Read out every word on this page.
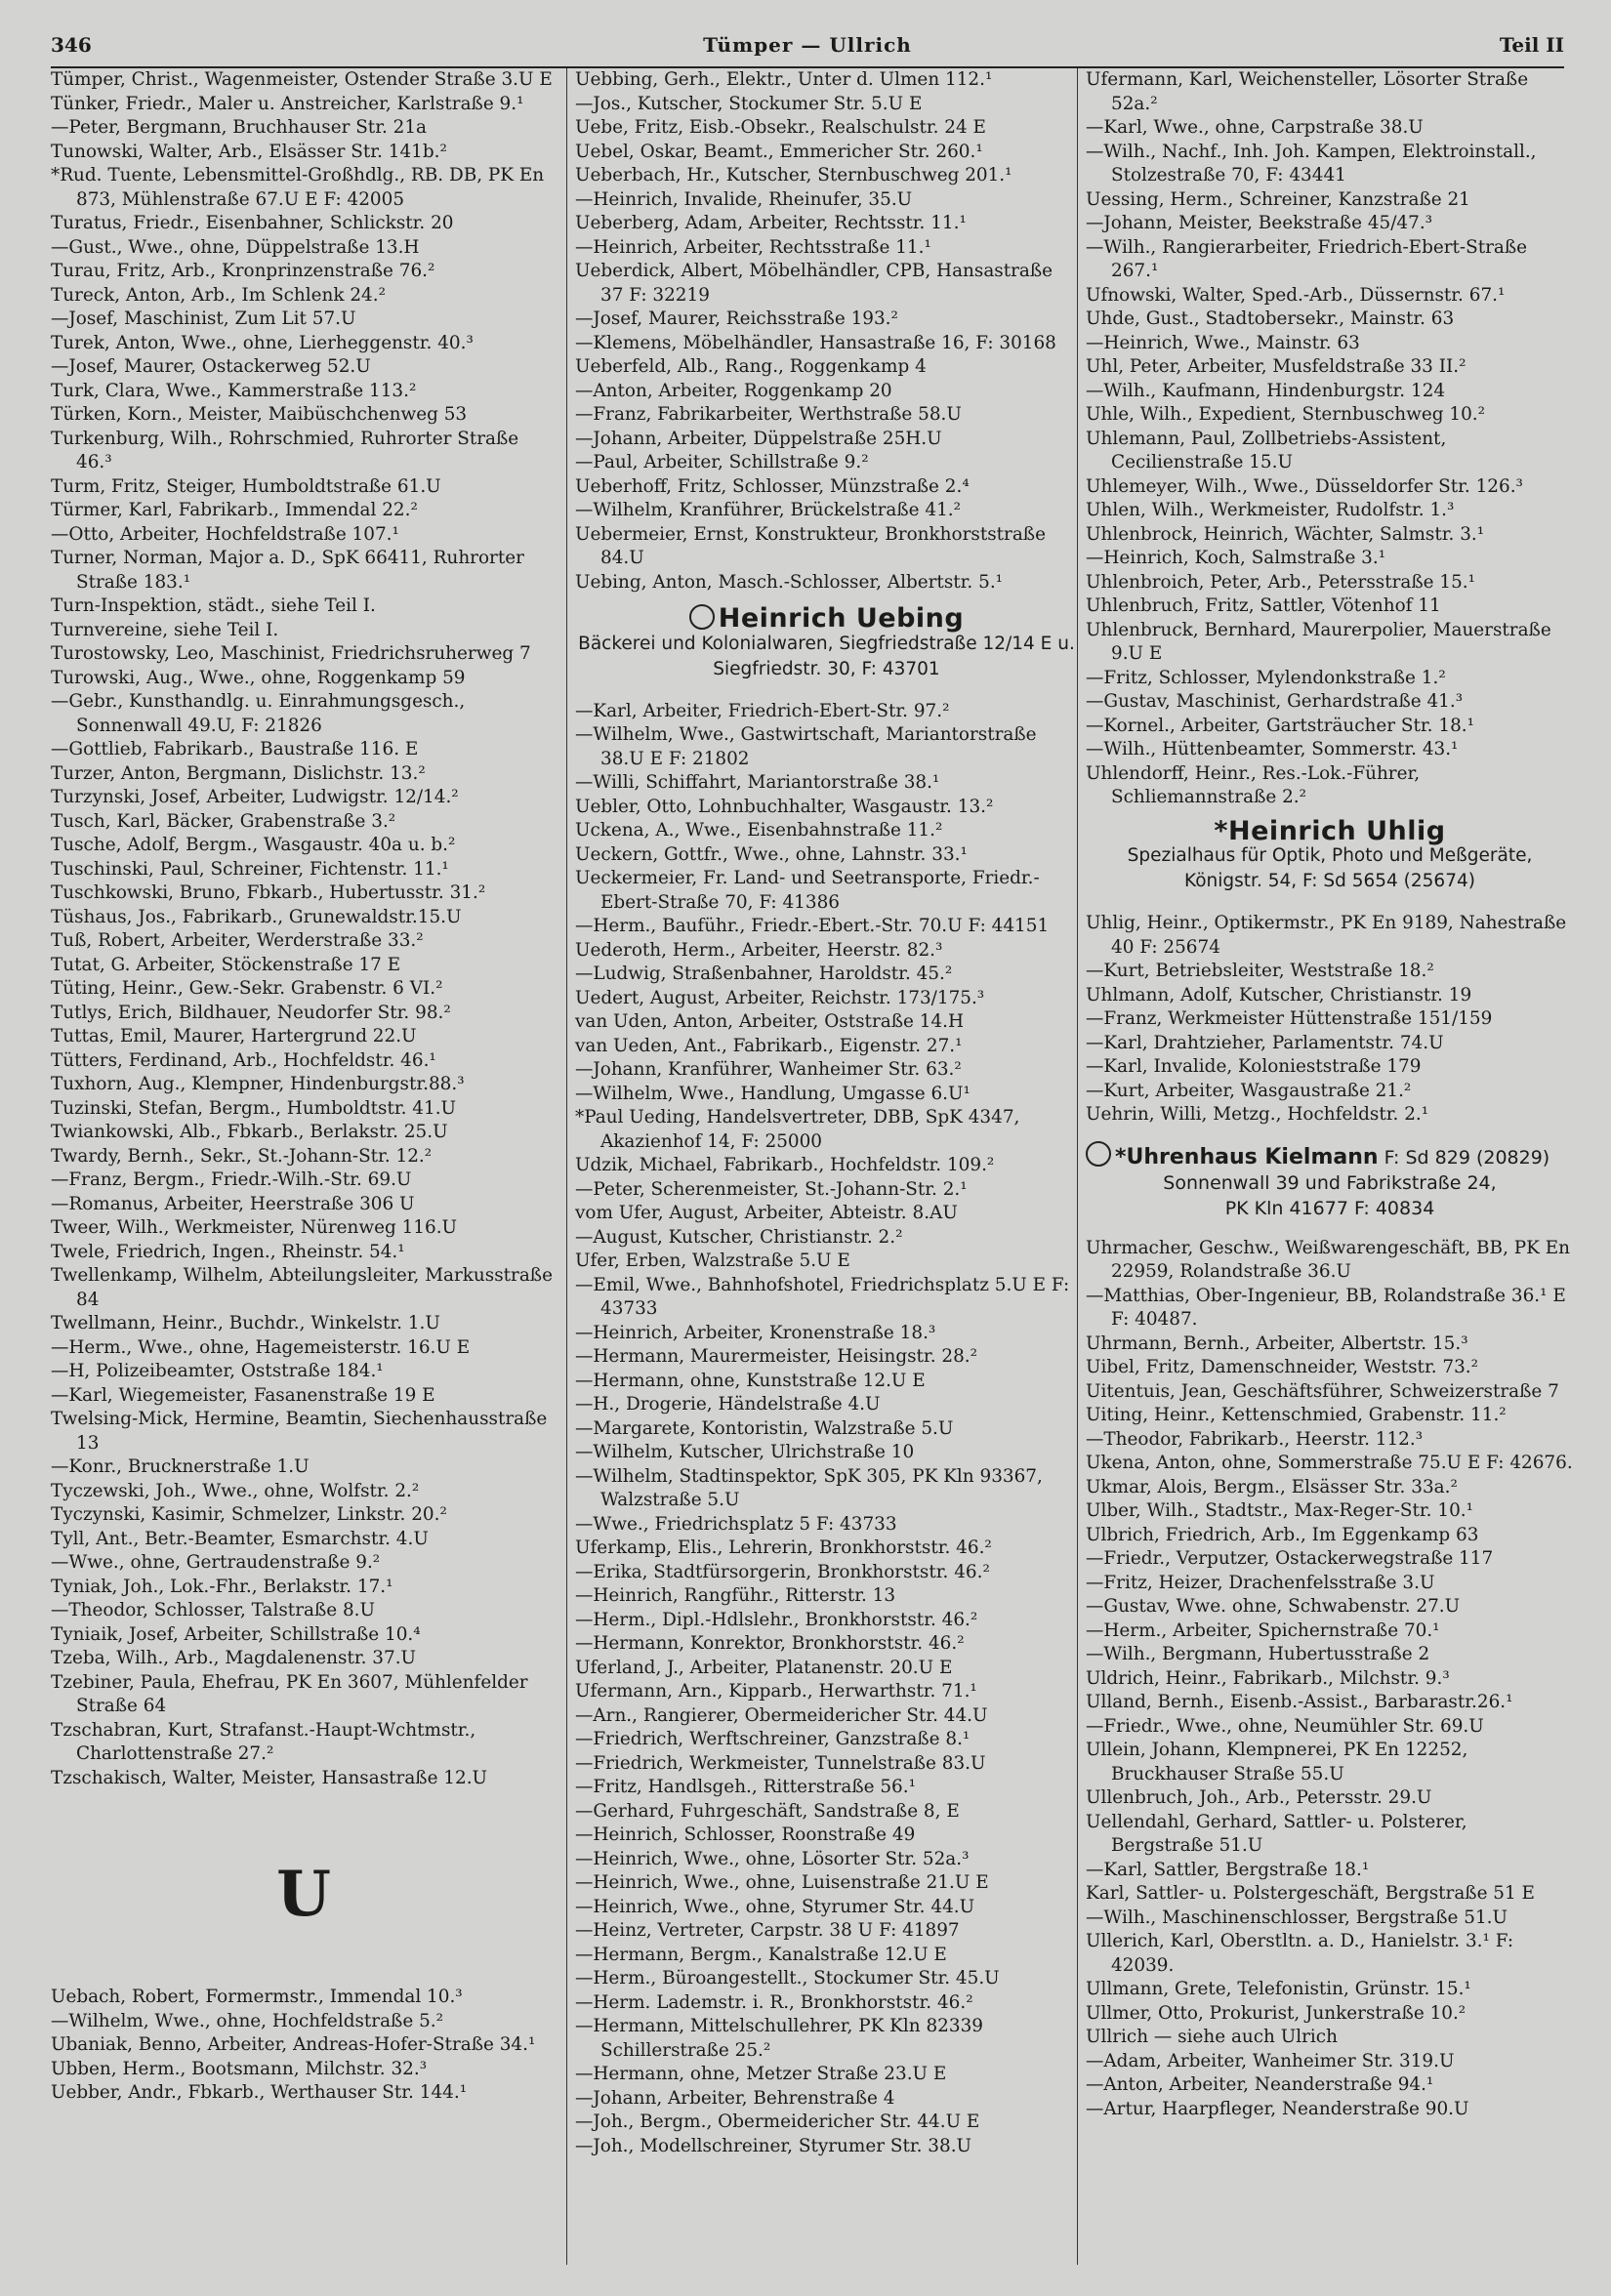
346	Tümper — Ullrich	Teil II
Tümper, Christ., Wagenmeister, Ostender Straße 3.U E
Tünker, Friedr., Maler u. Anstreicher, Karlstraße 9.¹
—Peter, Bergmann, Bruchhauser Str. 21a
Tunowski, Walter, Arb., Elsässer Str. 141b.²
*Rud. Tuente, Lebensmittel-Großhdlg., RB. DB, PK En 873, Mühlenstraße 67.U E F: 42005
Turatus, Friedr., Eisenbahner, Schlickstr. 20
—Gust., Wwe., ohne, Düppelstraße 13.H
Turau, Fritz, Arb., Kronprinzenstraße 76.²
Tureck, Anton, Arb., Im Schlenk 24.²
—Josef, Maschinist, Zum Lit 57.U
Turek, Anton, Wwe., ohne, Lierheggenstr. 40.³
—Josef, Maurer, Ostackerweg 52.U
Turk, Clara, Wwe., Kammerstraße 113.²
Türken, Korn., Meister, Maibüschchenweg 53
Turkenburg, Wilh., Rohrschmied, Ruhrorter Straße 46.³
Turm, Fritz, Steiger, Humboldtstraße 61.U
Türmer, Karl, Fabrikarb., Immendal 22.²
—Otto, Arbeiter, Hochfeldstraße 107.¹
Turner, Norman, Major a. D., SpK 66411, Ruhrorter Straße 183.¹
Turn-Inspektion, städt., siehe Teil I.
Turnvereine, siehe Teil I.
Turostowsky, Leo, Maschinist, Friedrichsruherweg 7
Turowski, Aug., Wwe., ohne, Roggenkamp 59
—Gebr., Kunsthandlg. u. Einrahmungsgesch., Sonnenwall 49.U, F: 21826
—Gottlieb, Fabrikarb., Baustraße 116. E
Turzer, Anton, Bergmann, Dislichstr. 13.²
Turzynski, Josef, Arbeiter, Ludwigstr. 12/14.²
Tusch, Karl, Bäcker, Grabenstraße 3.²
Tusche, Adolf, Bergm., Wasgaustr. 40a u. b.²
Tuschinski, Paul, Schreiner, Fichtenstr. 11.¹
Tuschkowski, Bruno, Fbkarb., Hubertusstr. 31.²
Tüshaus, Jos., Fabrikarb., Grunewaldstr.15.U
Tuß, Robert, Arbeiter, Werderstraße 33.²
Tutat, G. Arbeiter, Stöckenstraße 17 E
Tüting, Heinr., Gew.-Sekr. Grabenstr. 6 VI.²
Tutlys, Erich, Bildhauer, Neudorfer Str. 98.²
Tuttas, Emil, Maurer, Hartergrund 22.U
Tütters, Ferdinand, Arb., Hochfeldstr. 46.¹
Tuxhorn, Aug., Klempner, Hindenburgstr.88.³
Tuzinski, Stefan, Bergm., Humboldtstr. 41.U
Twiankowski, Alb., Fbkarb., Berlakstr. 25.U
Twardy, Bernh., Sekr., St.-Johann-Str. 12.²
—Franz, Bergm., Friedr.-Wilh.-Str. 69.U
—Romanus, Arbeiter, Heerstraße 306 U
Tweer, Wilh., Werkmeister, Nürenweg 116.U
Twele, Friedrich, Ingen., Rheinstr. 54.¹
Twellenkamp, Wilhelm, Abteilungsleiter, Markusstraße 84
Twellmann, Heinr., Buchdr., Winkelstr. 1.U
—Herm., Wwe., ohne, Hagemeisterstr. 16.U E
—H, Polizeibeamter, Oststraße 184.¹
—Karl, Wiegemeister, Fasanenstraße 19 E
Twelsing-Mick, Hermine, Beamtin, Siechenhausstraße 13
—Konr., Brucknerstraße 1.U
Tyczewski, Joh., Wwe., ohne, Wolfstr. 2.²
Tyczynski, Kasimir, Schmelzer, Linkstr. 20.²
Tyll, Ant., Betr.-Beamter, Esmarchstr. 4.U
—Wwe., ohne, Gertraudenstraße 9.²
Tyniak, Joh., Lok.-Fhr., Berlakstr. 17.¹
—Theodor, Schlosser, Talstraße 8.U
Tyniaik, Josef, Arbeiter, Schillstraße 10.⁴
Tzeba, Wilh., Arb., Magdalenenstr. 37.U
Tzebiner, Paula, Ehefrau, PK En 3607, Mühlenfelder Straße 64
Tzschabran, Kurt, Strafanst.-Haupt-Wchtmstr., Charlottenstraße 27.²
Tzschakisch, Walter, Meister, Hansastraße 12.U
U
Uebach, Robert, Formermstr., Immendal 10.³
—Wilhelm, Wwe., ohne, Hochfeldstraße 5.²
Ubaniak, Benno, Arbeiter, Andreas-Hofer-Straße 34.¹
Ubben, Herm., Bootsmann, Milchstr. 32.³
Uebber, Andr., Fbkarb., Werthauser Str. 144.¹
Uebbing, Gerh., Elektr., Unter d. Ulmen 112.¹
—Jos., Kutscher, Stockumer Str. 5.U E
Uebe, Fritz, Eisb.-Obsekr., Realschulstr. 24 E
Uebel, Oskar, Beamt., Emmericher Str. 260.¹
Ueberbach, Hr., Kutscher, Sternbuschweg 201.¹
—Heinrich, Invalide, Rheinufer, 35.U
Ueberberg, Adam, Arbeiter, Rechtsstr. 11.¹
—Heinrich, Arbeiter, Rechtsstraße 11.¹
Ueberdick, Albert, Möbelhändler, CPB, Hansastraße 37 F: 32219
—Josef, Maurer, Reichsstraße 193.²
—Klemens, Möbelhändler, Hansastraße 16, F: 30168
Ueberfeld, Alb., Rang., Roggenkamp 4
—Anton, Arbeiter, Roggenkamp 20
—Franz, Fabrikarbeiter, Werthstraße 58.U
—Johann, Arbeiter, Düppelstraße 25H.U
—Paul, Arbeiter, Schillstraße 9.²
Ueberhoff, Fritz, Schlosser, Münzstraße 2.⁴
—Wilhelm, Kranführer, Brückelstraße 41.²
Uebermeier, Ernst, Konstrukteur, Bronkhorststraße 84.U
Uebing, Anton, Masch.-Schlosser, Albertstr. 5.¹
Heinrich Uebing
Bäckerei und Kolonialwaren, Siegfriedstraße 12/14 E u. Siegfriedstr. 30, F: 43701
—Karl, Arbeiter, Friedrich-Ebert-Str. 97.²
—Wilhelm, Wwe., Gastwirtschaft, Mariantorstraße 38.U E F: 21802
—Willi, Schiffahrt, Mariantorstraße 38.¹
Uebler, Otto, Lohnbuchhalter, Wasgaustr. 13.²
Uckena, A., Wwe., Eisenbahnstraße 11.²
Ueckern, Gottfr., Wwe., ohne, Lahnstr. 33.¹
Ueckermeier, Fr. Land- und Seetransporte, Friedr.-Ebert-Straße 70, F: 41386
—Herm., Bauführ., Friedr.-Ebert.-Str. 70.U F: 44151
Uederoth, Herm., Arbeiter, Heerstr. 82.³
—Ludwig, Straßenbahner, Haroldstr. 45.²
Uedert, August, Arbeiter, Reichstr. 173/175.³
van Uden, Anton, Arbeiter, Oststraße 14.H
van Ueden, Ant., Fabrikarb., Eigenstr. 27.¹
—Johann, Kranführer, Wanheimer Str. 63.²
—Wilhelm, Wwe., Handlung, Umgasse 6.U¹
*Paul Ueding, Handelsvertreter, DBB, SpK 4347, Akazienhof 14, F: 25000
Udzik, Michael, Fabrikarb., Hochfeldstr. 109.²
—Peter, Scherenmeister, St.-Johann-Str. 2.¹
vom Ufer, August, Arbeiter, Abteistr. 8.AU
—August, Kutscher, Christianstr. 2.²
Ufer, Erben, Walzstraße 5.U E
—Emil, Wwe., Bahnhofshotel, Friedrichsplatz 5.U E F: 43733
—Heinrich, Arbeiter, Kronenstraße 18.³
—Hermann, Maurermeister, Heisingstr. 28.²
—Hermann, ohne, Kunststraße 12.U E
—H., Drogerie, Händelstraße 4.U
—Margarete, Kontoristin, Walzstraße 5.U
—Wilhelm, Kutscher, Ulrichstraße 10
—Wilhelm, Stadtinspektor, SpK 305, PK Kln 93367, Walzstraße 5.U
—Wwe., Friedrichsplatz 5 F: 43733
Uferkamp, Elis., Lehrerin, Bronkhorststr. 46.²
—Erika, Stadtfürsorgerin, Bronkhorststr. 46.²
—Heinrich, Rangführ., Ritterstr. 13
—Herm., Dipl.-Hdlslehr., Bronkhorststr. 46.²
—Hermann, Konrektor, Bronkhorststr. 46.²
Uferland, J., Arbeiter, Platanenstr. 20.U E
Ufermann, Arn., Kipparb., Herwarthstr. 71.¹
—Arn., Rangierer, Obermeidericher Str. 44.U
—Friedrich, Werftschreiner, Ganzstraße 8.¹
—Friedrich, Werkmeister, Tunnelstraße 83.U
—Fritz, Handlsgeh., Ritterstraße 56.¹
—Gerhard, Fuhrgeschäft, Sandstraße 8, E
—Heinrich, Schlosser, Roonstraße 49
—Heinrich, Wwe., ohne, Lösorter Str. 52a.³
—Heinrich, Wwe., ohne, Luisenstraße 21.U E
—Heinrich, Wwe., ohne, Styrumer Str. 44.U
—Heinz, Vertreter, Carpstr. 38 U F: 41897
—Hermann, Bergm., Kanalstraße 12.U E
—Herm., Büroangestellt., Stockumer Str. 45.U
—Herm. Lademstr. i. R., Bronkhorststr. 46.²
—Hermann, Mittelschullehrer, PK Kln 82339 Schillerstraße 25.²
—Hermann, ohne, Metzer Straße 23.U E
—Johann, Arbeiter, Behrenstraße 4
—Joh., Bergm., Obermeidericher Str. 44.U E
—Joh., Modellschreiner, Styrumer Str. 38.U
Ufermann, Karl, Weichensteller, Lösorter Straße 52a.²
—Karl, Wwe., ohne, Carpstraße 38.U
—Wilh., Nachf., Inh. Joh. Kampen, Elektroinstall., Stolzestraße 70, F: 43441
Uessing, Herm., Schreiner, Kanzstraße 21
—Johann, Meister, Beekstraße 45/47.³
—Wilh., Rangierarbeiter, Friedrich-Ebert-Straße 267.¹
Ufnowski, Walter, Sped.-Arb., Düssernstr. 67.¹
Uhde, Gust., Stadtobersekr., Mainstr. 63
—Heinrich, Wwe., Mainstr. 63
Uhl, Peter, Arbeiter, Musfeldstraße 33 II.²
—Wilh., Kaufmann, Hindenburgstr. 124
Uhle, Wilh., Expedient, Sternbuschweg 10.²
Uhlemann, Paul, Zollbetriebs-Assistent, Cecilienstraße 15.U
Uhlemeyer, Wilh., Wwe., Düsseldorfer Str. 126.³
Uhlen, Wilh., Werkmeister, Rudolfstr. 1.³
Uhlenbrock, Heinrich, Wächter, Salmstr. 3.¹
—Heinrich, Koch, Salmstraße 3.¹
Uhlenbroich, Peter, Arb., Petersstraße 15.¹
Uhlenbruch, Fritz, Sattler, Vötenhof 11
Uhlenbruck, Bernhard, Maurerpolier, Mauerstraße 9.U E
—Fritz, Schlosser, Mylendonkstraße 1.²
—Gustav, Maschinist, Gerhardstraße 41.³
—Kornel., Arbeiter, Gartsträucher Str. 18.¹
—Wilh., Hüttenbeamter, Sommerstr. 43.¹
Uhlendorff, Heinr., Res.-Lok.-Führer, Schliemannstraße 2.²
*Heinrich Uhlig
Spezialhaus für Optik, Photo und Meßgeräte, Königstr. 54, F: Sd 5654 (25674)
Uhlig, Heinr., Optikermstr., PK En 9189, Nahestraße 40 F: 25674
—Kurt, Betriebsleiter, Weststraße 18.²
Uhlmann, Adolf, Kutscher, Christianstr. 19
—Franz, Werkmeister Hüttenstraße 151/159
—Karl, Drahtzieher, Parlamentstr. 74.U
—Karl, Invalide, Kolonieststraße 179
—Kurt, Arbeiter, Wasgaustraße 21.²
Uehrin, Willi, Metzg., Hochfeldstr. 2.¹
*Uhrenhaus Kielmann F: Sd 829 (20829)
Sonnenwall 39 und Fabrikstraße 24,
PK Kln 41677 F: 40834
Uhrmacher, Geschw., Weißwarengeschäft, BB, PK En 22959, Rolandstraße 36.U
—Matthias, Ober-Ingenieur, BB, Rolandstraße 36.¹ E F: 40487.
Uhrmann, Bernh., Arbeiter, Albertstr. 15.³
Uibel, Fritz, Damenschneider, Weststr. 73.²
Uitentuis, Jean, Geschäftsführer, Schweizerstraße 7
Uiting, Heinr., Kettenschmied, Grabenstr. 11.²
—Theodor, Fabrikarb., Heerstr. 112.³
Ukena, Anton, ohne, Sommerstraße 75.U E F: 42676.
Ukmar, Alois, Bergm., Elsässer Str. 33a.²
Ulber, Wilh., Stadtstr., Max-Reger-Str. 10.¹
Ulbrich, Friedrich, Arb., Im Eggenkamp 63
—Friedr., Verputzer, Ostackerwegstraße 117
—Fritz, Heizer, Drachenfelsstraße 3.U
—Gustav, Wwe. ohne, Schwabenstr. 27.U
—Herm., Arbeiter, Spichernstraße 70.¹
—Wilh., Bergmann, Hubertusstraße 2
Uldrich, Heinr., Fabrikarb., Milchstr. 9.³
Ulland, Bernh., Eisenb.-Assist., Barbarastr.26.¹
—Friedr., Wwe., ohne, Neumühler Str. 69.U
Ullein, Johann, Klempnerei, PK En 12252, Bruckhauser Straße 55.U
Ullenbruch, Joh., Arb., Petersstr. 29.U
Uellendahl, Gerhard, Sattler- u. Polsterer, Bergstraße 51.U
—Karl, Sattler, Bergstraße 18.¹
Karl, Sattler- u. Polstergeschäft, Bergstraße 51 E
—Wilh., Maschinenschlosser, Bergstraße 51.U
Ullerich, Karl, Oberstltn. a. D., Hanielstr. 3.¹ F: 42039.
Ullmann, Grete, Telefonistin, Grünstr. 15.¹
Ullmer, Otto, Prokurist, Junkerstraße 10.²
Ullrich — siehe auch Ulrich
—Adam, Arbeiter, Wanheimer Str. 319.U
—Anton, Arbeiter, Neanderstraße 94.¹
—Artur, Haarpfleger, Neanderstraße 90.U
